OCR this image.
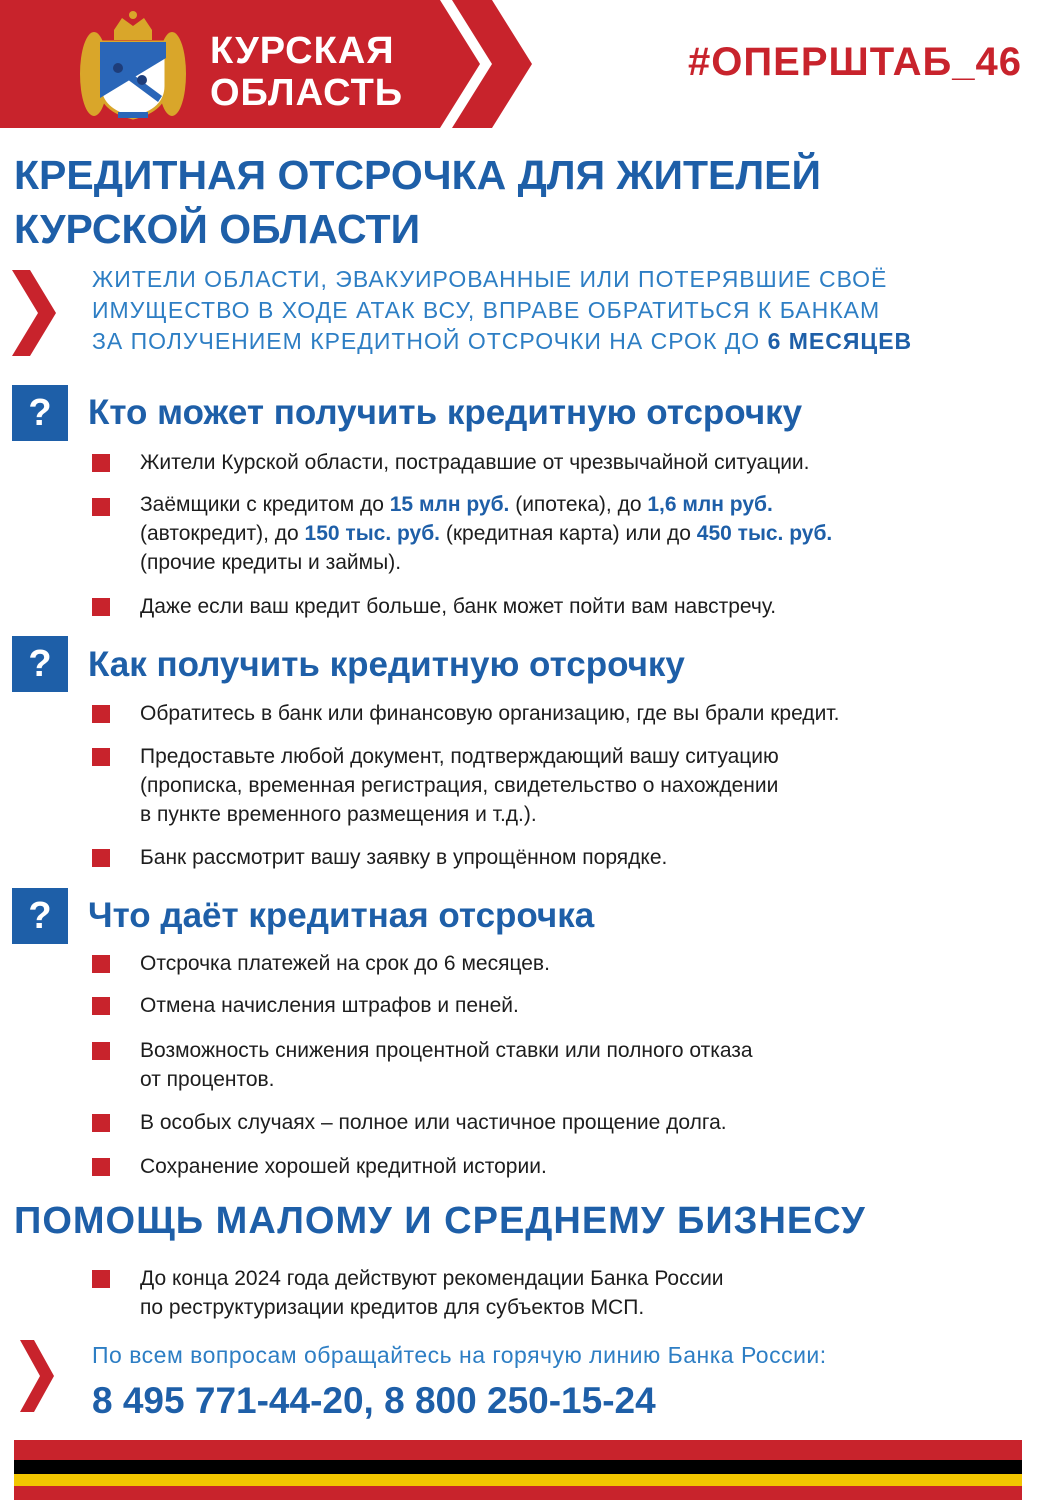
КУРСКАЯ
ОБЛАСТЬ
#ОПЕРШТАБ_46
КРЕДИТНАЯ ОТСРОЧКА ДЛЯ ЖИТЕЛЕЙ
КУРСКОЙ ОБЛАСТИ
ЖИТЕЛИ ОБЛАСТИ, ЭВАКУИРОВАННЫЕ ИЛИ ПОТЕРЯВШИЕ СВОЁ
ИМУЩЕСТВО В ХОДЕ АТАК ВСУ, ВПРАВЕ ОБРАТИТЬСЯ К БАНКАМ
ЗА ПОЛУЧЕНИЕМ КРЕДИТНОЙ ОТСРОЧКИ НА СРОК ДО 6 МЕСЯЦЕВ
?	Кто может получить кредитную отсрочку
Жители Курской области, пострадавшие от чрезвычайной ситуации.
Заёмщики с кредитом до 15 млн руб. (ипотека), до 1,6 млн руб.
(автокредит), до 150 тыс. руб. (кредитная карта) или до 450 тыс. руб.
(прочие кредиты и займы).
Даже если ваш кредит больше, банк может пойти вам навстречу.
?	Как получить кредитную отсрочку
Обратитесь в банк или финансовую организацию, где вы брали кредит.
Предоставьте любой документ, подтверждающий вашу ситуацию
(прописка, временная регистрация, свидетельство о нахождении
в пункте временного размещения и т.д.).
Банк рассмотрит вашу заявку в упрощённом порядке.
?	Что даёт кредитная отсрочка
Отсрочка платежей на срок до 6 месяцев.
Отмена начисления штрафов и пеней.
Возможность снижения процентной ставки или полного отказа
от процентов.
В особых случаях – полное или частичное прощение долга.
Сохранение хорошей кредитной истории.
ПОМОЩЬ МАЛОМУ И СРЕДНЕМУ БИЗНЕСУ
До конца 2024 года действуют рекомендации Банка России
по реструктуризации кредитов для субъектов МСП.
По всем вопросам обращайтесь на горячую линию Банка России:
8 495 771-44-20, 8 800 250-15-24
